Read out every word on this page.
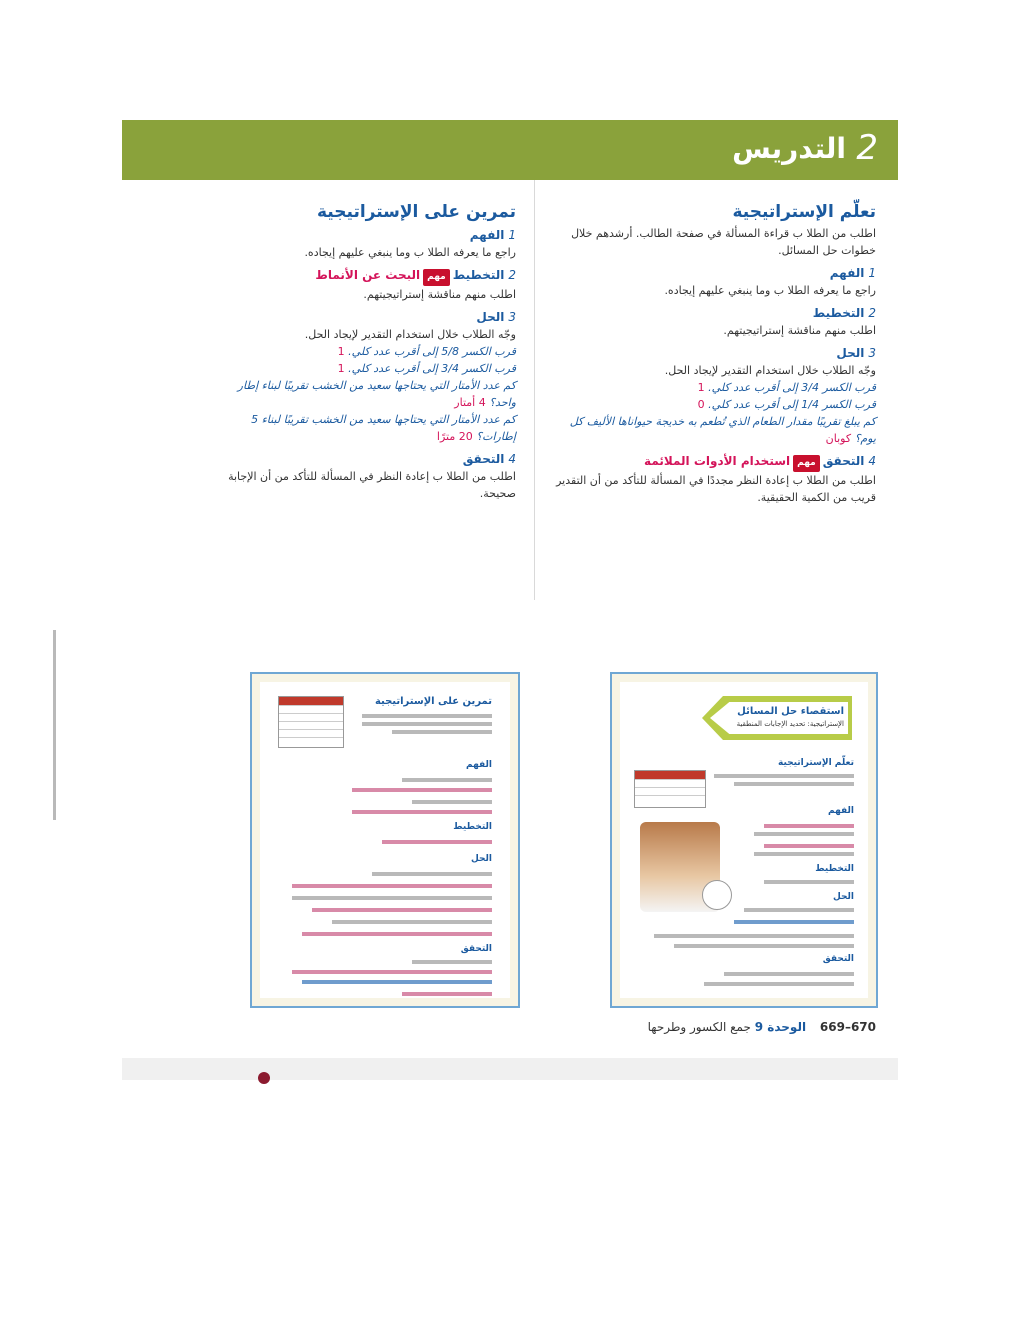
2
التدريس
تعلّم الإستراتيجية
اطلب من الطلا ب قراءة المسألة في صفحة الطالب. أرشدهم خلال خطوات حل المسائل.
1الفهم
راجع ما يعرفه الطلا ب وما ينبغي عليهم إيجاده.
2التخطيط
اطلب منهم مناقشة إستراتيجيتهم.
3الحل
وجّه الطلاب خلال استخدام التقدير لإيجاد الحل.
قرب الكسر 3/4 إلى أقرب عدد كلي. 1
قرب الكسر 1/4 إلى أقرب عدد كلي. 0
كم يبلغ تقريبًا مقدار الطعام الذي تُطعم به خديجة حيواناها الأليف كل يوم؟ كوبان
4التحققمهماستخدام الأدوات الملائمة
اطلب من الطلا ب إعادة النظر مجددًا في المسألة للتأكد من أن التقدير قريب من الكمية الحقيقية.
تمرين على الإستراتيجية
1الفهم
راجع ما يعرفه الطلا ب وما ينبغي عليهم إيجاده.
2التخطيطمهمالبحث عن الأنماط
اطلب منهم مناقشة إستراتيجيتهم.
3الحل
وجّه الطلاب خلال استخدام التقدير لإيجاد الحل.
قرب الكسر 5/8 إلى أقرب عدد كلي. 1
قرب الكسر 3/4 إلى أقرب عدد كلي. 1
كم عدد الأمتار التي يحتاجها سعيد من الخشب تقريبًا لبناء إطار واحد؟ 4 أمتار
كم عدد الأمتار التي يحتاجها سعيد من الخشب تقريبًا لبناء 5 إطارات؟ 20 مترًا
4التحقق
اطلب من الطلا ب إعادة النظر في المسألة للتأكد من أن الإجابة صحيحة.
استقصاء حل المسائل
الإستراتيجية: تحديد الإجابات المنطقية
تعلّم الإستراتيجية
الفهم
التخطيط
الحل
التحقق
تمرين على الإستراتيجية
الفهم
التخطيط
الحل
التحقق
669–670 الوحدة 9 جمع الكسور وطرحها
